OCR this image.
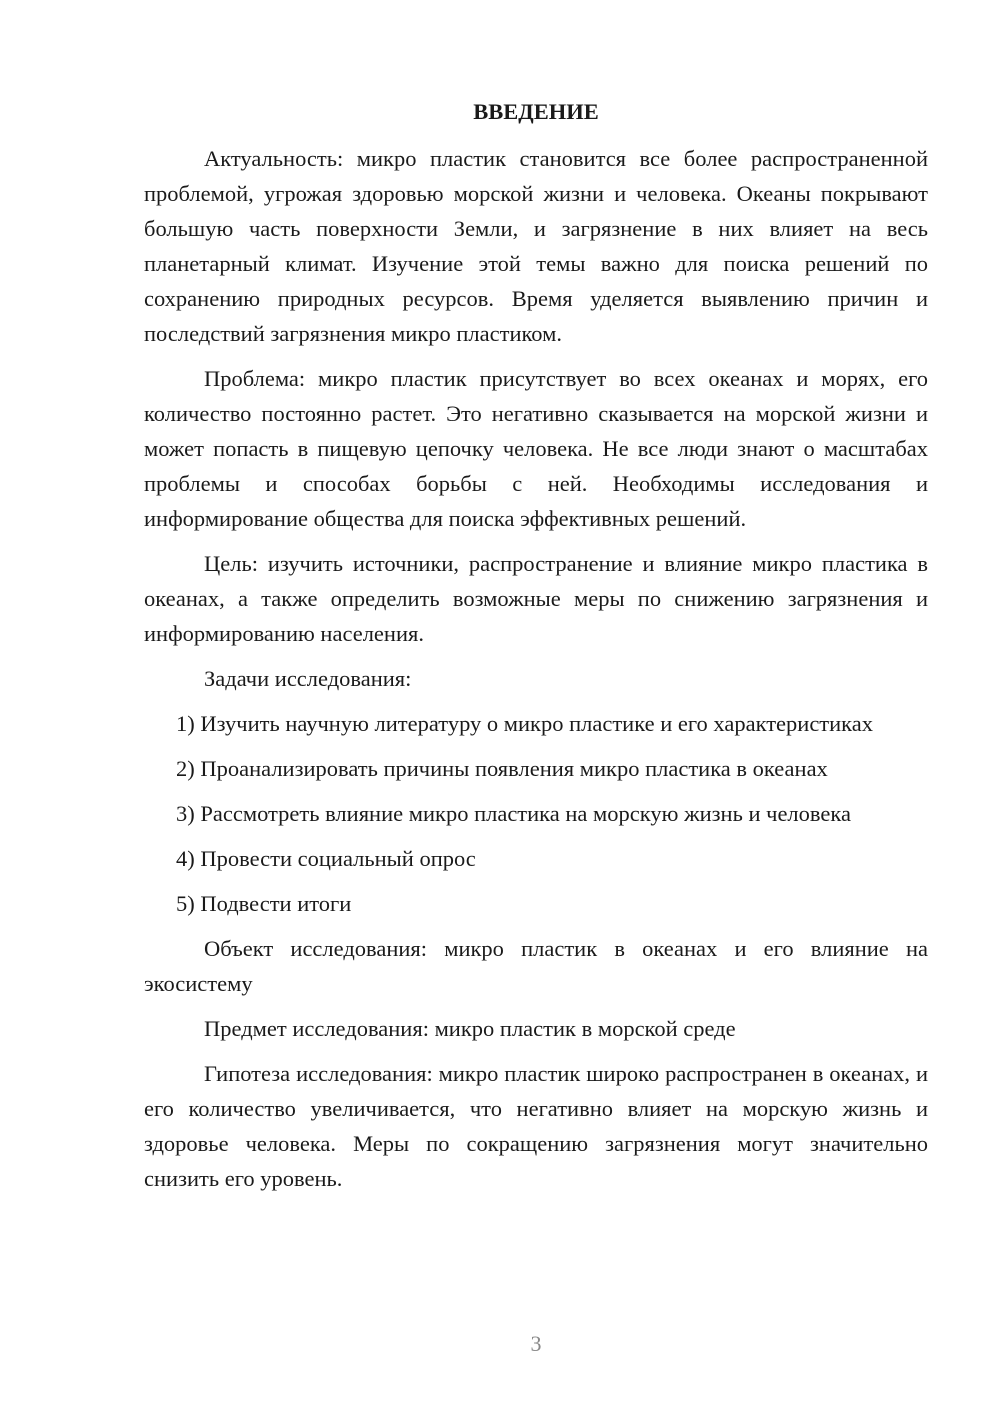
ВВЕДЕНИЕ

Актуальность: микро пластик становится все более распространенной проблемой, угрожая здоровью морской жизни и человека. Океаны покрывают большую часть поверхности Земли, и загрязнение в них влияет на весь планетарный климат. Изучение этой темы важно для поиска решений по сохранению природных ресурсов. Время уделяется выявлению причин и последствий загрязнения микро пластиком.

Проблема: микро пластик присутствует во всех океанах и морях, его количество постоянно растет. Это негативно сказывается на морской жизни и может попасть в пищевую цепочку человека. Не все люди знают о масштабах проблемы и способах борьбы с ней. Необходимы исследования и информирование общества для поиска эффективных решений.

Цель: изучить источники, распространение и влияние микро пластика в океанах, а также определить возможные меры по снижению загрязнения и информированию населения.

Задачи исследования:

1) Изучить научную литературу о микро пластике и его характеристиках

2) Проанализировать причины появления микро пластика в океанах

3) Рассмотреть влияние микро пластика на морскую жизнь и человека

4) Провести социальный опрос

5) Подвести итоги

Объект исследования: микро пластик в океанах и его влияние на экосистему

Предмет исследования: микро пластик в морской среде

Гипотеза исследования: микро пластик широко распространен в океанах, и его количество увеличивается, что негативно влияет на морскую жизнь и здоровье человека. Меры по сокращению загрязнения могут значительно снизить его уровень.

3
